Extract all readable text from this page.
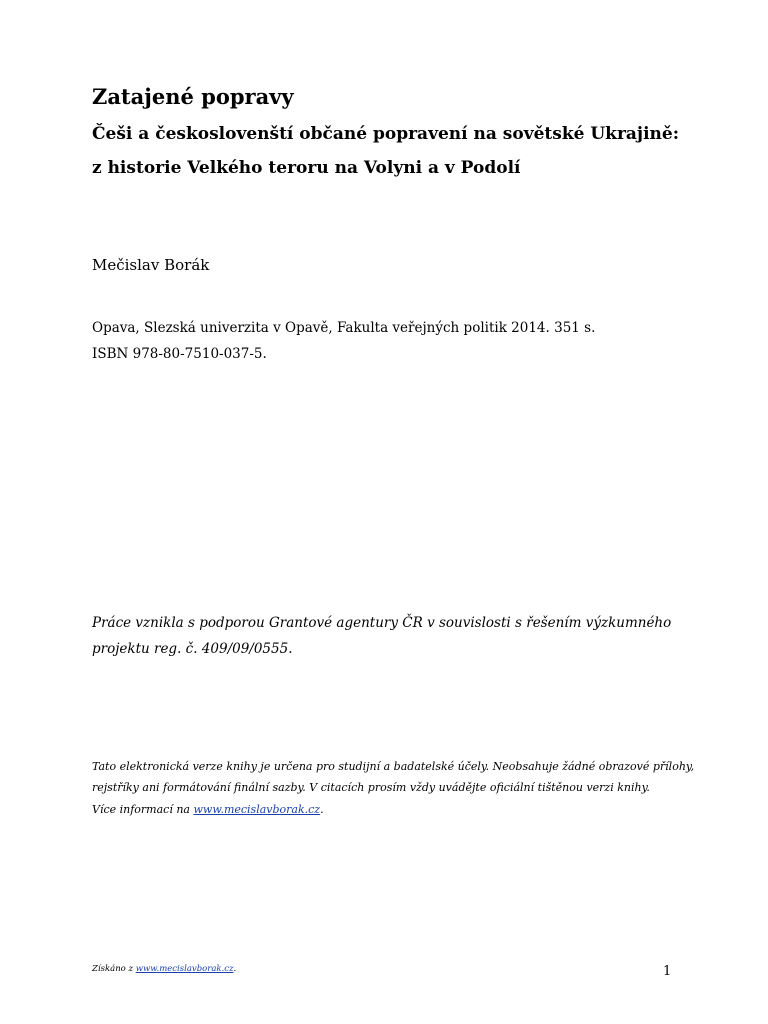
Zatajené popravy
Češi a českoslovenští občané popravení na sovětské Ukrajině:
z historie Velkého teroru na Volyni a v Podolí
Mečislav Borák
Opava, Slezská univerzita v Opavě, Fakulta veřejných politik 2014. 351 s.
ISBN 978-80-7510-037-5.
Práce vznikla s podporou Grantové agentury ČR v souvislosti s řešením výzkumného
projektu reg. č. 409/09/0555.
Tato elektronická verze knihy je určena pro studijní a badatelské účely. Neobsahuje žádné obrazové přílohy,
rejstříky ani formátování finální sazby. V citacích prosím vždy uvádějte oficiální tištěnou verzi knihy.
Více informací na www.mecislavborak.cz.
Získáno z www.mecislavborak.cz.	1
